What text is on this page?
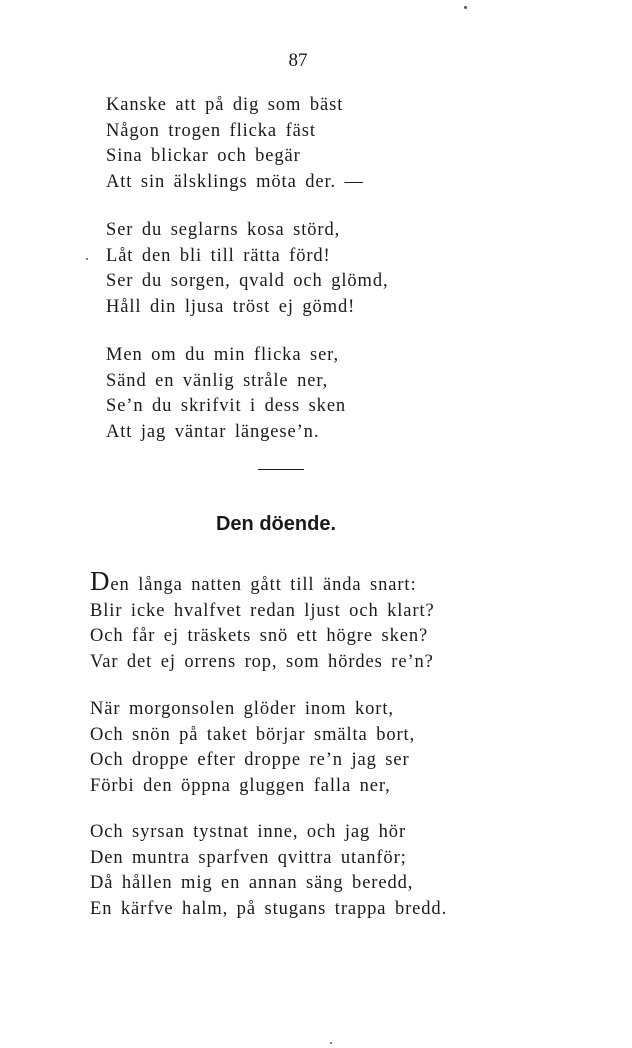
87
Kanske att på dig som bäst
Någon trogen flicka fäst
Sina blickar och begär
Att sin älsklings möta der. —
Ser du seglarns kosa störd,
Låt den bli till rätta förd!
Ser du sorgen, qvald och glömd,
Håll din ljusa tröst ej gömd!
Men om du min flicka ser,
Sänd en vänlig stråle ner,
Se’n du skrifvit i dess sken
Att jag väntar längese’n.
Den döende.
Den långa natten gått till ända snart:
Blir icke hvalfvet redan ljust och klart?
Och får ej träskets snö ett högre sken?
Var det ej orrens rop, som hördes re’n?
När morgonsolen glöder inom kort,
Och snön på taket börjar smälta bort,
Och droppe efter droppe re’n jag ser
Förbi den öppna gluggen falla ner,
Och syrsan tystnat inne, och jag hör
Den muntra sparfven qvittra utanför;
Då hållen mig en annan säng beredd,
En kärfve halm, på stugans trappa bredd.
